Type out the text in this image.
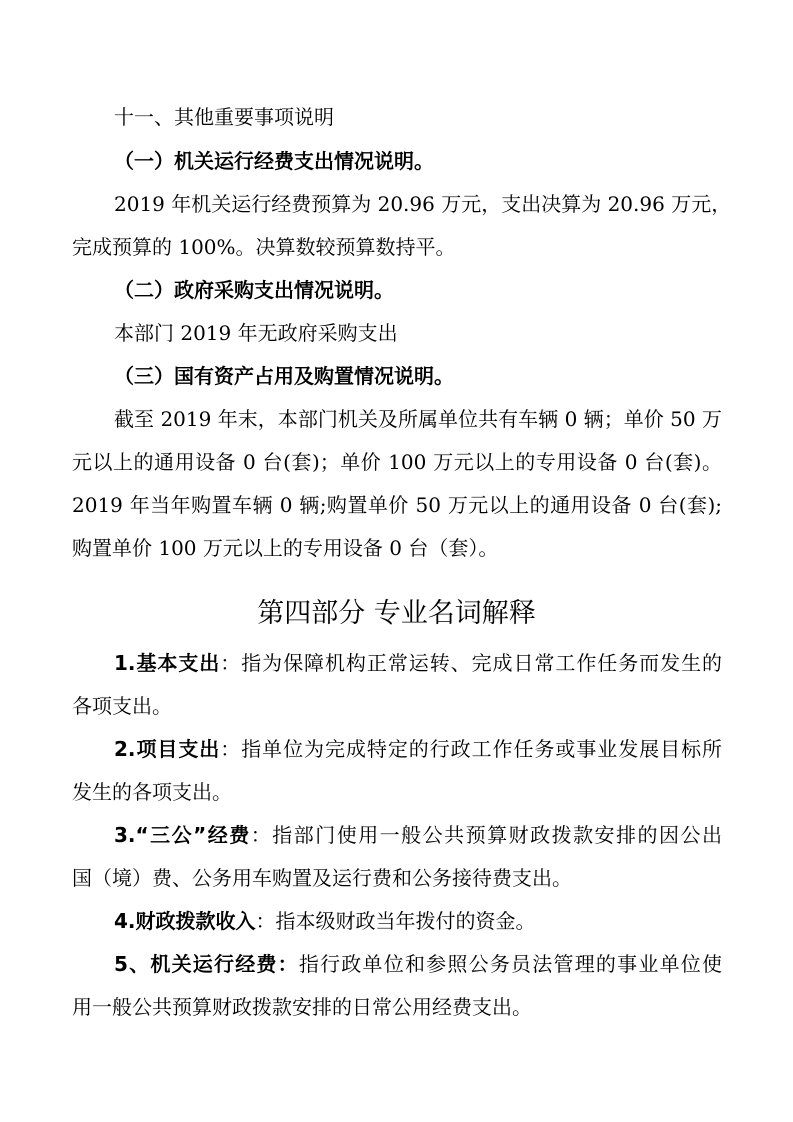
十一、其他重要事项说明
（一）机关运行经费支出情况说明。
2019 年机关运行经费预算为 20.96 万元，支出决算为 20.96 万元，
完成预算的 100%。决算数较预算数持平。
（二）政府采购支出情况说明。
本部门 2019 年无政府采购支出
（三）国有资产占用及购置情况说明。
截至 2019 年末，本部门机关及所属单位共有车辆 0 辆；单价 50 万
元以上的通用设备 0 台(套)；单价 100 万元以上的专用设备 0 台(套)。
2019 年当年购置车辆 0 辆;购置单价 50 万元以上的通用设备 0 台(套);
购置单价 100 万元以上的专用设备 0 台（套）。
第四部分 专业名词解释
1.基本支出：指为保障机构正常运转、完成日常工作任务而发生的
各项支出。
2.项目支出：指单位为完成特定的行政工作任务或事业发展目标所
发生的各项支出。
3.“三公”经费：指部门使用一般公共预算财政拨款安排的因公出
国（境）费、公务用车购置及运行费和公务接待费支出。
4.财政拨款收入：指本级财政当年拨付的资金。
5、机关运行经费：指行政单位和参照公务员法管理的事业单位使
用一般公共预算财政拨款安排的日常公用经费支出。
